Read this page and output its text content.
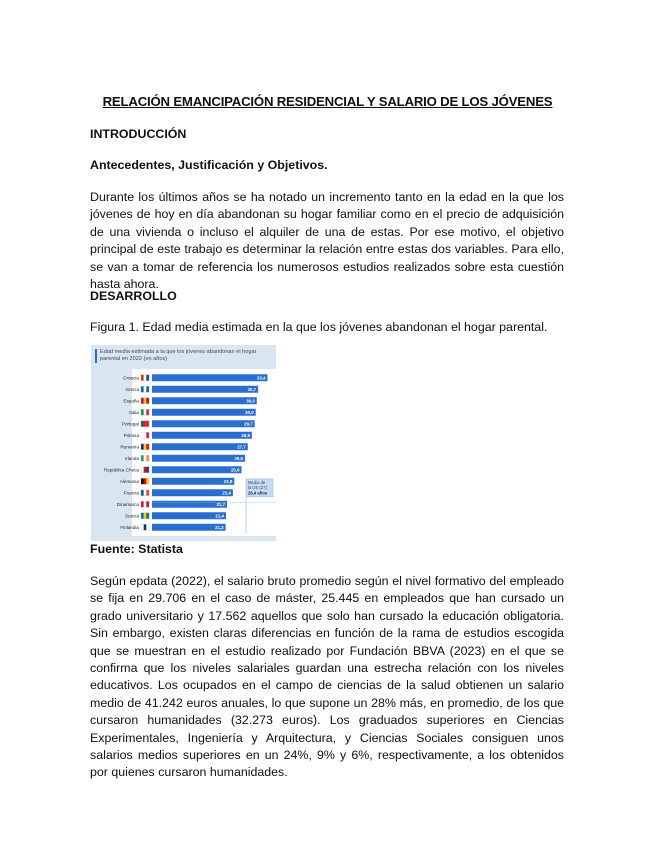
RELACIÓN EMANCIPACIÓN RESIDENCIAL Y SALARIO DE LOS JÓVENES
INTRODUCCIÓN
Antecedentes, Justificación y Objetivos.
Durante los últimos años se ha notado un incremento tanto en la edad en la que los jóvenes de hoy en día abandonan su hogar familiar como en el precio de adquisición de una vivienda o incluso el alquiler de una de estas. Por ese motivo, el objetivo principal de este trabajo es determinar la relación entre estas dos variables. Para ello, se van a tomar de referencia los numerosos estudios realizados sobre esta cuestión hasta ahora.
DESARROLLO
Figura 1. Edad media estimada en la que los jóvenes abandonan el hogar parental.
Edad media estimada a la que los jóvenes abandonan el hogar parental en 2022 (en años)
Croacia	33,4
Grecia	30,7
España	30,3
Italia	30,0
Portugal	29,7
Polonia	28,9
Rumanía	27,7
Irlanda	26,9
República Checa	25,9
Alemania	23,8
Francia	23,4
Dinamarca	21,7
Suecia	21,4
Finlandia	21,3
Media de
la UE (27)
26,4 años
Fuente: Statista
Según epdata (2022), el salario bruto promedio según el nivel formativo del empleado se fija en 29.706 en el caso de máster, 25.445 en empleados que han cursado un grado universitario y 17.562 aquellos que solo han cursado la educación obligatoria. Sin embargo, existen claras diferencias en función de la rama de estudios escogida que se muestran en el estudio realizado por Fundación BBVA (2023) en el que se confirma que los niveles salariales guardan una estrecha relación con los niveles educativos. Los ocupados en el campo de ciencias de la salud obtienen un salario medio de 41.242 euros anuales, lo que supone un 28% más, en promedio, de los que cursaron humanidades (32.273 euros). Los graduados superiores en Ciencias Experimentales, Ingeniería y Arquitectura, y Ciencias Sociales consiguen unos salarios medios superiores en un 24%, 9% y 6%, respectivamente, a los obtenidos por quienes cursaron humanidades.
